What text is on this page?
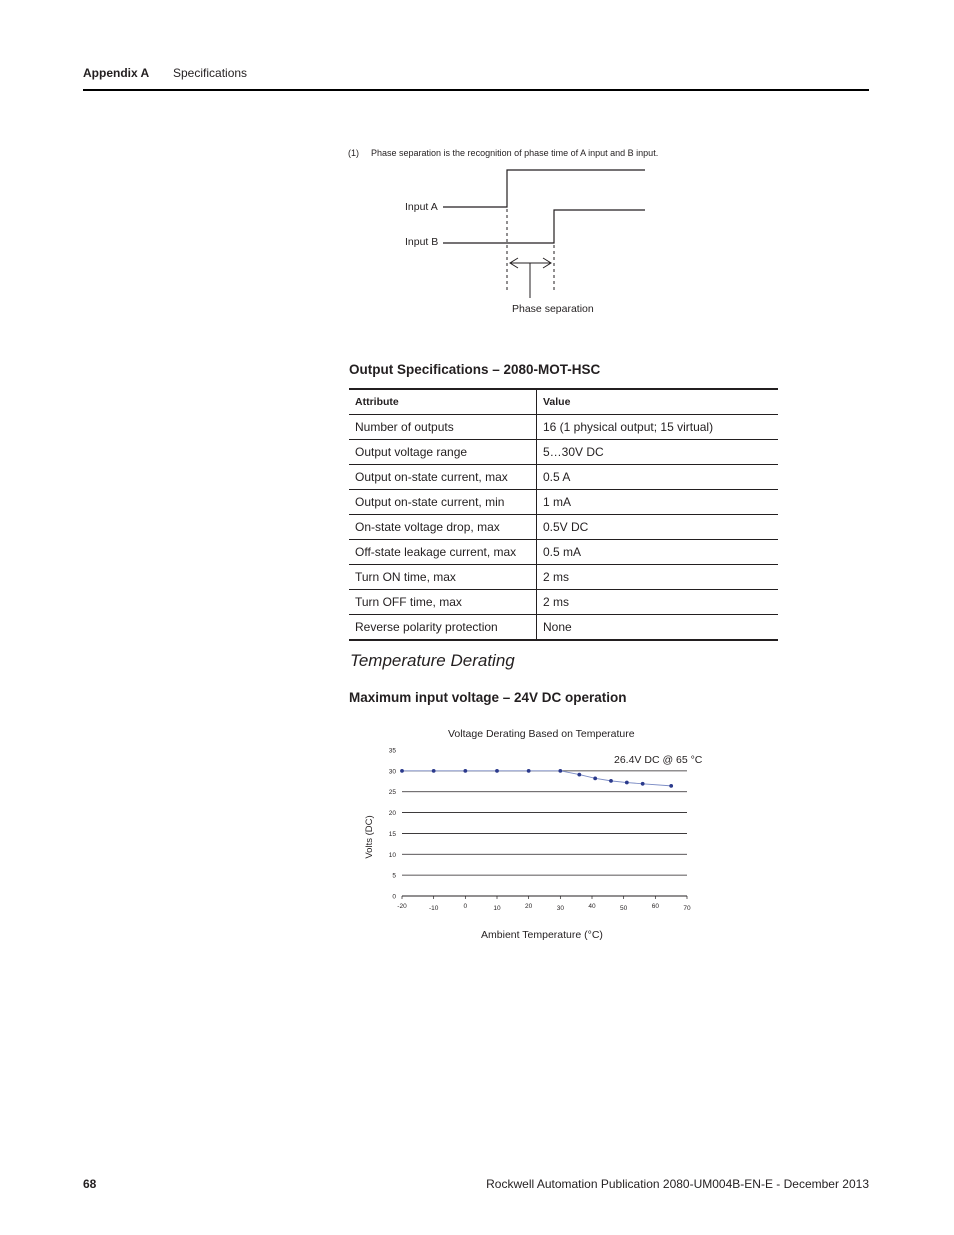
Appendix A Specifications
(1) Phase separation is the recognition of phase time of A input and B input.
Input A
Input B
Phase separation
Output Specifications – 2080-MOT-HSC
Attribute	Value
Number of outputs	16 (1 physical output; 15 virtual)
Output voltage range	5…30V DC
Output on-state current, max	0.5 A
Output on-state current, min	1 mA
On-state voltage drop, max	0.5V DC
Off-state leakage current, max	0.5 mA
Turn ON time, max	2 ms
Turn OFF time, max	2 ms
Reverse polarity protection	None
Temperature Derating
Maximum input voltage – 24V DC operation
Voltage Derating Based on Temperature
26.4V DC @ 65 °C
Volts (DC)
Ambient Temperature (°C)
0
5
10
15
20
25
30
35
-20	-10	0	10	20	30	40	50	60	70
68	Rockwell Automation Publication 2080-UM004B-EN-E - December 2013
